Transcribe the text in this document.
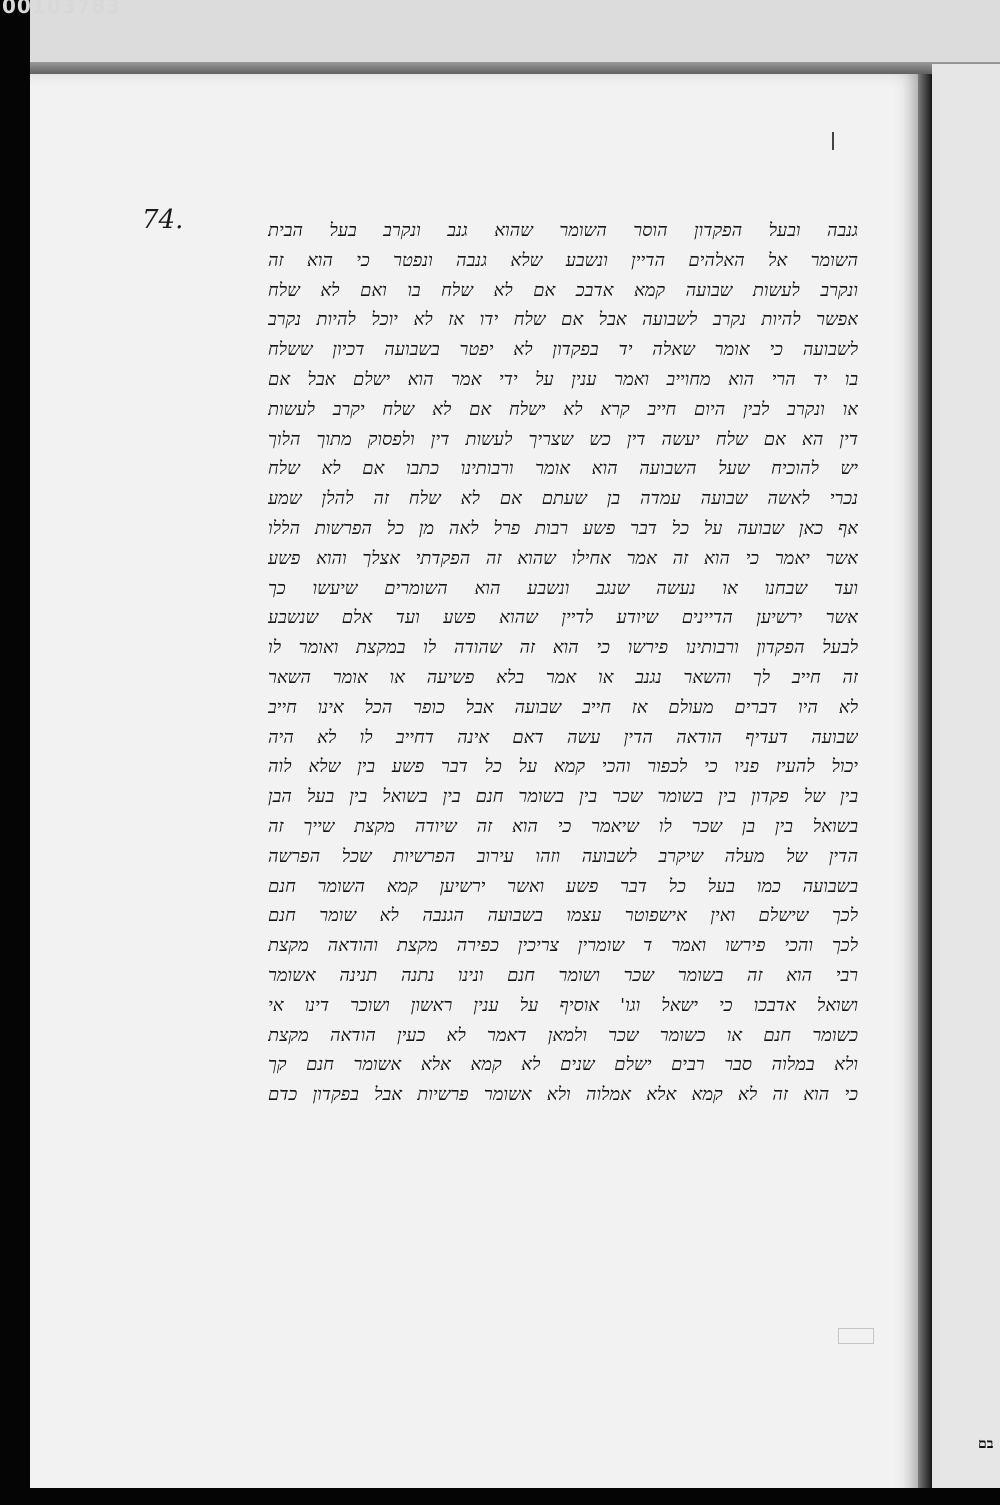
00103783
בם
74.	גנבה ובעל הפקדון הוסר השומר שהוא גנב ונקרב בעל הבית
השומר אל האלהים הדיין ונשבע שלא גנבה ונפטר כי הוא זה
ונקרב לעשות שבועה קמא אדבכ אם לא שלח בו ואם לא שלח
אפשר להיות נקרב לשבועה אבל אם שלח ידו אז לא יוכל להיות נקרב
לשבועה כי אומר שאלה יד בפקדון לא יפטר בשבועה דכיון ששלח
בו יד הרי הוא מחוייב ואמר ענין על ידי אמר הוא ישלם אבל אם
או ונקרב לבין היום חייב קרא לא ישלח אם לא שלח יקרב לעשות
דין הא אם שלח יעשה דין כש שצריך לעשות דין ולפסוק מתוך הלוך
יש להוכיח שעל השבועה הוא אומר ורבותינו כתבו אם לא שלח
נכרי לאשה שבועה עמדה בן שעתם אם לא שלח זה להלן שמע
אף כאן שבועה על כל דבר פשע רבות פרל לאה מן כל הפרשות הללו
אשר יאמר כי הוא זה אמר אחילו שהוא זה הפקדתי אצלך והוא פשע
ועד שבחנו או נעשה שנגב ונשבע הוא השומרים שיעשו כך
אשר ירשיען הדיינים שיודע לדיין שהוא פשע ועד אלם שנשבע
לבעל הפקדון ורבותינו פירשו כי הוא זה שהודה לו במקצת ואומר לו
זה חייב לך והשאר נגנב או אמר בלא פשיעה או אומר השאר
לא היו דברים מעולם אז חייב שבועה אבל כופר הכל אינו חייב
שבועה דעדיף הודאה הדין עשה דאם אינה דחייב לו לא היה
יכול להעיז פניו כי לכפור והכי קמא על כל דבר פשע בין שלא לוה
בין של פקדון בין בשומר שכר בין בשומר חנם בין בשואל בין בעל הבן
בשואל בין בן שכר לו שיאמר כי הוא זה שיודה מקצת שייך זה
הדין של מעלה שיקרב לשבועה וזהו עירוב הפרשיות שכל הפרשה
בשבועה כמו בעל כל דבר פשע ואשר ירשיען קמא השומר חנם
לכך שישלם ואין אישפוטר עצמו בשבועה הגנבה לא שומר חנם
לכך והכי פירשו ואמר ד שומרין צריכין כפירה מקצת והודאה מקצת
רבי הוא זה בשומר שכר ושומר חנם ונינו נתנה תנינה אשומר
ושואל אדבכו כי ישאל וגו' אוסיף על ענין ראשון ושוכר דינו אי
כשומר חנם או כשומר שכר ולמאן דאמר לא כעין הודאה מקצת
ולא במלוה סבר רבים ישלם שנים לא קמא אלא אשומר חנם קך
כי הוא זה לא קמא אלא אמלוה ולא אשומר פרשיות אבל בפקדון כדם
